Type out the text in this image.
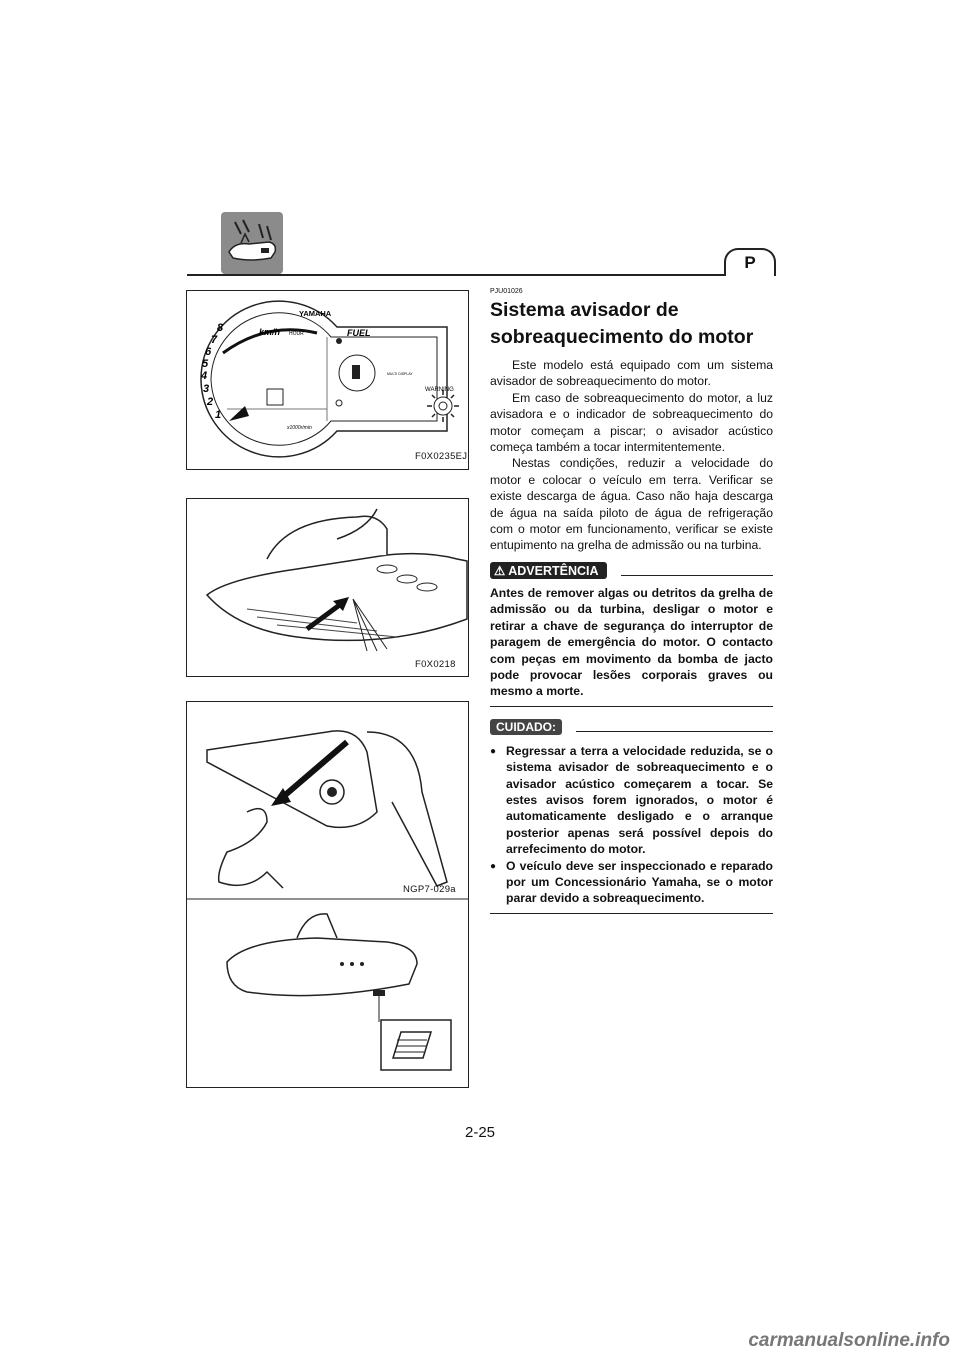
P
YAMAHA
km/h HOUR	FUEL
x1000r/min
WARNING
MULTI DISPLAY
8
7
6
5
4
3
2
1
F0X0235EJ
F0X0218
NGP7-029a
PJU01026
Sistema avisador de sobreaquecimento do motor

Este modelo está equipado com um sistema avisador de sobreaquecimento do motor.

Em caso de sobreaquecimento do motor, a luz avisadora e o indicador de sobreaquecimento do motor começam a piscar; o avisador acústico começa também a tocar intermitentemente.

Nestas condições, reduzir a velocidade do motor e colocar o veículo em terra. Verificar se existe descarga de água. Caso não haja descarga de água na saída piloto de água de refrigeração com o motor em funcionamento, verificar se existe entupimento na grelha de admissão ou na turbina.

⚠ ADVERTÊNCIA
Antes de remover algas ou detritos da grelha de admissão ou da turbina, desligar o motor e retirar a chave de segurança do interruptor de paragem de emergência do motor. O contacto com peças em movimento da bomba de jacto pode provocar lesões corporais graves ou mesmo a morte.
CUIDADO:
● Regressar a terra a velocidade reduzida, se o sistema avisador de sobreaquecimento e o avisador acústico começarem a tocar. Se estes avisos forem ignorados, o motor é automaticamente desligado e o arranque posterior apenas será possível depois do arrefecimento do motor.
● O veículo deve ser inspeccionado e reparado por um Concessionário Yamaha, se o motor parar devido a sobreaquecimento.
2-25
carmanualsonline.info
